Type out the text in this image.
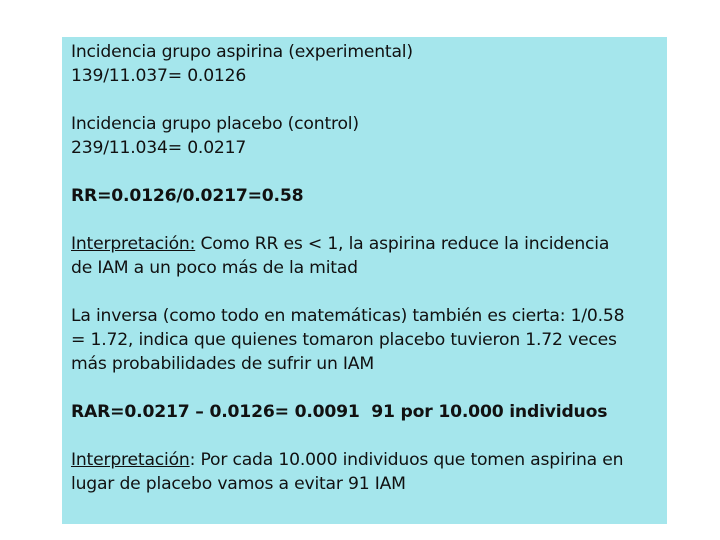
Incidencia grupo aspirina (experimental)
139/11.037= 0.0126
Incidencia grupo placebo (control)
239/11.034= 0.0217
RR=0.0126/0.0217=0.58
Interpretación: Como RR es < 1, la aspirina reduce la incidencia
de IAM a un poco más de la mitad
La inversa (como todo en matemáticas) también es cierta: 1/0.58
= 1.72, indica que quienes tomaron placebo tuvieron 1.72 veces
más probabilidades de sufrir un IAM
RAR=0.0217 – 0.0126= 0.0091  91 por 10.000 individuos
Interpretación: Por cada 10.000 individuos que tomen aspirina en
lugar de placebo vamos a evitar 91 IAM
